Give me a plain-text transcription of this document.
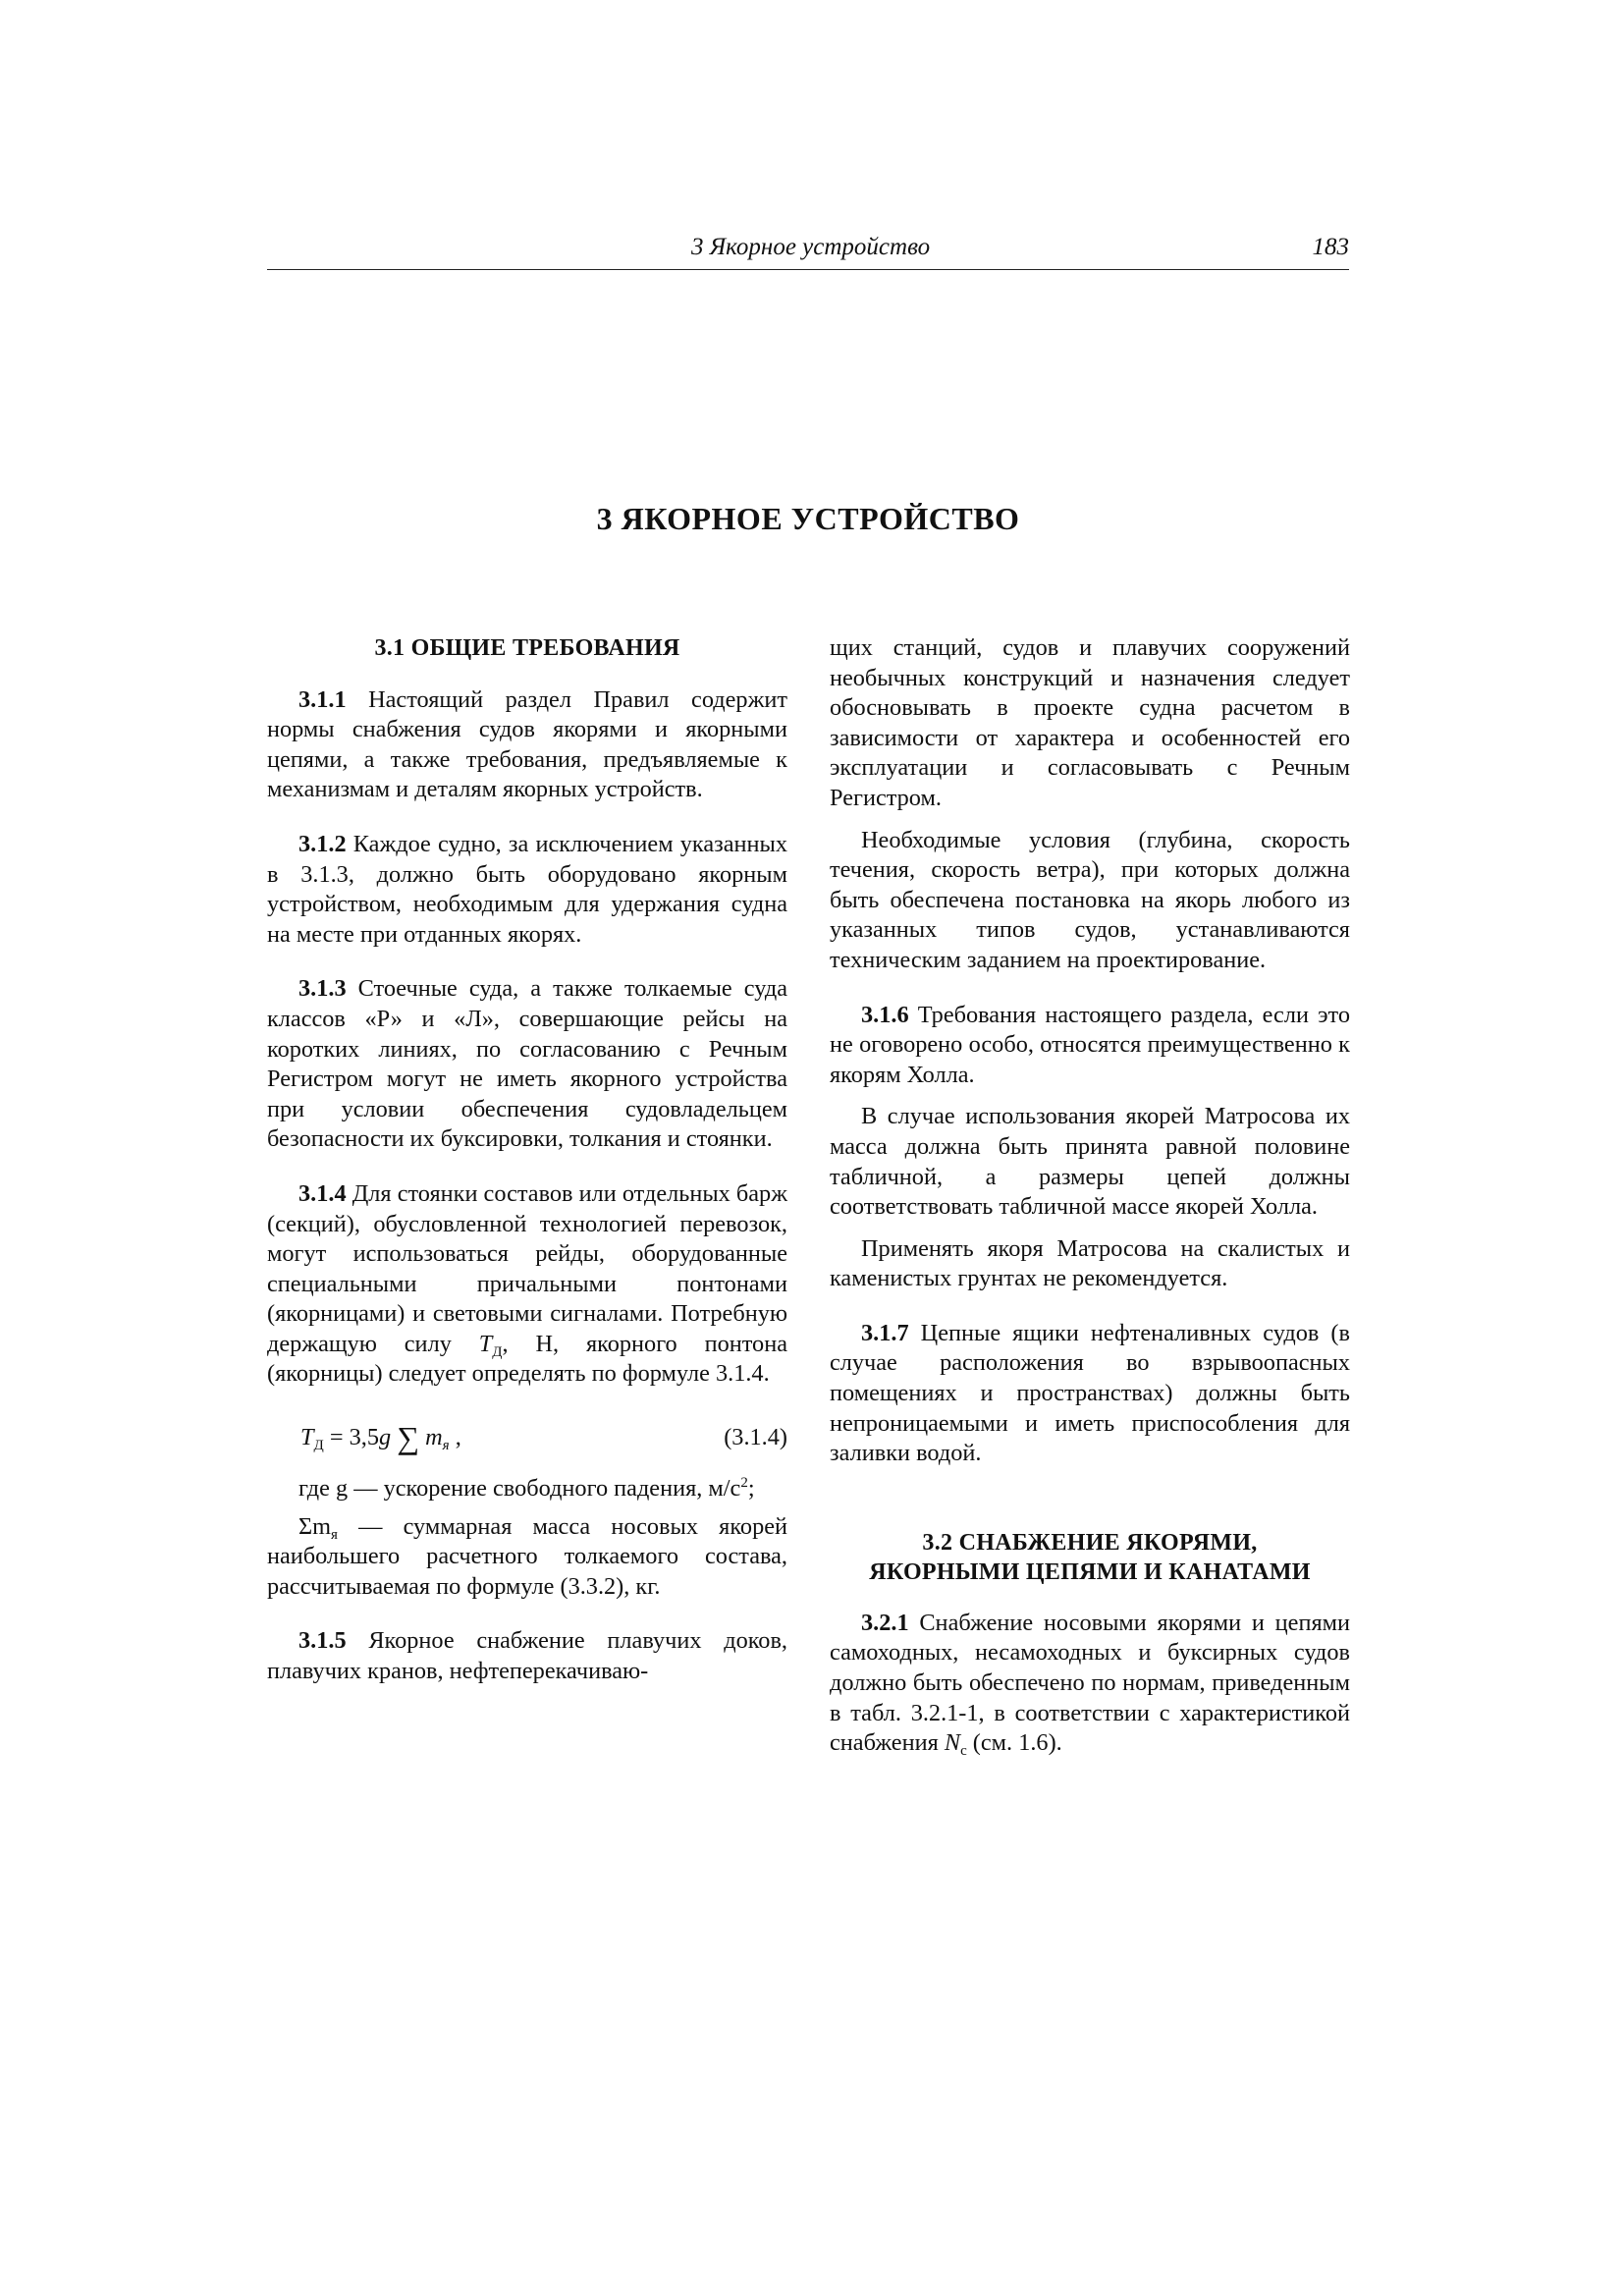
3 Якорное устройство	183
3 ЯКОРНОЕ УСТРОЙСТВО
3.1 ОБЩИЕ ТРЕБОВАНИЯ

3.1.1 Настоящий раздел Правил содержит нормы снабжения судов якорями и якорными цепями, а также требования, предъявляемые к механизмам и деталям якорных устройств.

3.1.2 Каждое судно, за исключением указанных в 3.1.3, должно быть оборудовано якорным устройством, необходимым для удержания судна на месте при отданных якорях.

3.1.3 Стоечные суда, а также толкаемые суда классов «Р» и «Л», совершающие рейсы на коротких линиях, по согласованию с Речным Регистром могут не иметь якорного устройства при условии обеспечения судовладельцем безопасности их буксировки, толкания и стоянки.

3.1.4 Для стоянки составов или отдельных барж (секций), обусловленной технологией перевозок, могут использоваться рейды, оборудованные специальными причальными понтонами (якорницами) и световыми сигналами. Потребную держащую силу $T_Д$, Н, якорного понтона (якорницы) следует определять по формуле 3.1.4.

$T_Д = 3,5g$ ∑ $m_я$ ,	(3.1.4)

где g — ускорение свободного падения, $м/с^2$;

$\Sigma m_я$ — суммарная масса носовых якорей наибольшего расчетного толкаемого состава, рассчитываемая по формуле (3.3.2), кг.

3.1.5 Якорное снабжение плавучих доков, плавучих кранов, нефтеперекачиваю-

щих станций, судов и плавучих сооружений необычных конструкций и назначения следует обосновывать в проекте судна расчетом в зависимости от характера и особенностей его эксплуатации и согласовывать с Речным Регистром.

Необходимые условия (глубина, скорость течения, скорость ветра), при которых должна быть обеспечена постановка на якорь любого из указанных типов судов, устанавливаются техническим заданием на проектирование.

3.1.6 Требования настоящего раздела, если это не оговорено особо, относятся преимущественно к якорям Холла.

В случае использования якорей Матросова их масса должна быть принята равной половине табличной, а размеры цепей должны соответствовать табличной массе якорей Холла.

Применять якоря Матросова на скалистых и каменистых грунтах не рекомендуется.

3.1.7 Цепные ящики нефтеналивных судов (в случае расположения во взрывоопасных помещениях и пространствах) должны быть непроницаемыми и иметь приспособления для заливки водой.

3.2 СНАБЖЕНИЕ ЯКОРЯМИ,
ЯКОРНЫМИ ЦЕПЯМИ И КАНАТАМИ

3.2.1 Снабжение носовыми якорями и цепями самоходных, несамоходных и буксирных судов должно быть обеспечено по нормам, приведенным в табл. 3.2.1-1, в соответствии с характеристикой снабжения $N_с$ (см. 1.6).
